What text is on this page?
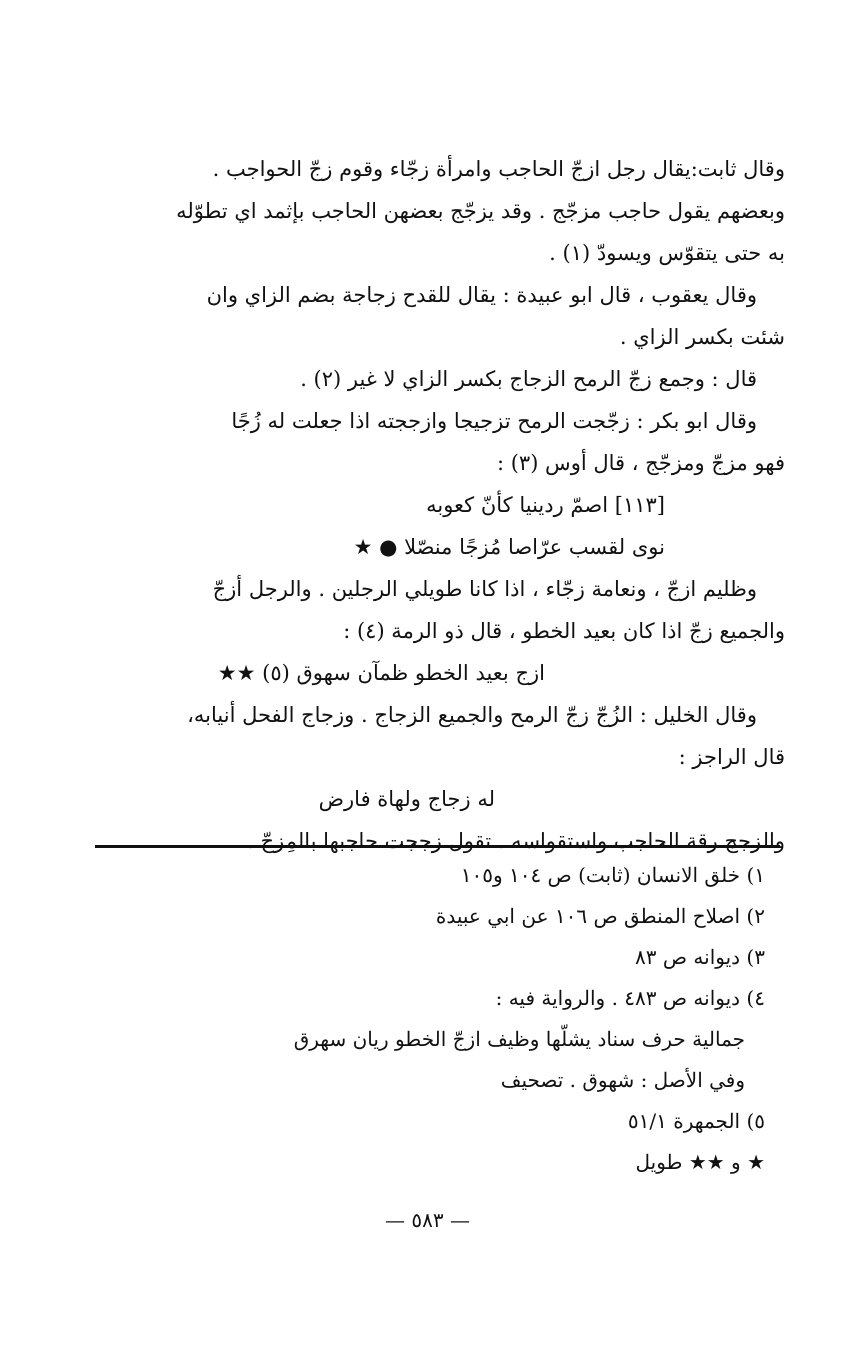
وقال ثابت:يقال رجل ازجّ الحاجب وامرأة زجّاء وقوم زجّ الحواجب .
وبعضهم يقول حاجب مزجّج . وقد يزجّج بعضهن الحاجب بإثمد اي تطوّله
به حتى يتقوّس ويسودّ (١) .
وقال يعقوب ، قال ابو عبيدة : يقال للقدح زجاجة بضم الزاي وان
شئت بكسر الزاي .
قال : وجمع زجّ الرمح الزجاج بكسر الزاي لا غير (٢) .
وقال ابو بكر : زجّجت الرمح تزجيجا وازججته اذا جعلت له زُجًا
فهو مزجّ ومزجّج ، قال أوس (٣) :
[١١٣] اصمّ ردينيا كأنّ كعوبه
نوى لقسب عرّاصا مُزجًا منصّلا ● ★
وظليم ازجّ ، ونعامة زجّاء ، اذا كانا طويلي الرجلين . والرجل أزجّ
والجميع زجّ اذا كان بعيد الخطو ، قال ذو الرمة (٤) :
ازج بعيد الخطو ظمآن سهوق (٥) ★★
وقال الخليل : الزُجّ زجّ الرمح والجميع الزجاج . وزجاج الفحل أنيابه،
قال الراجز :
له زجاج ولهاة فارض
والزجج رقة الحاجب واستقواسه . تقول زججت حاجبها بالمِزجّ .
١) خلق الانسان (ثابت) ص ١٠٤ و١٠٥
٢) اصلاح المنطق ص ١٠٦ عن ابي عبيدة
٣) ديوانه ص ٨٣
٤) ديوانه ص ٤٨٣ . والرواية فيه :
جمالية حرف سناد يشلّها وظيف ازجّ الخطو ريان سهرق
وفي الأصل : شهوق . تصحيف
٥) الجمهرة ٥١/١
★ و ★★ طويل
— ٥٨٣ —
